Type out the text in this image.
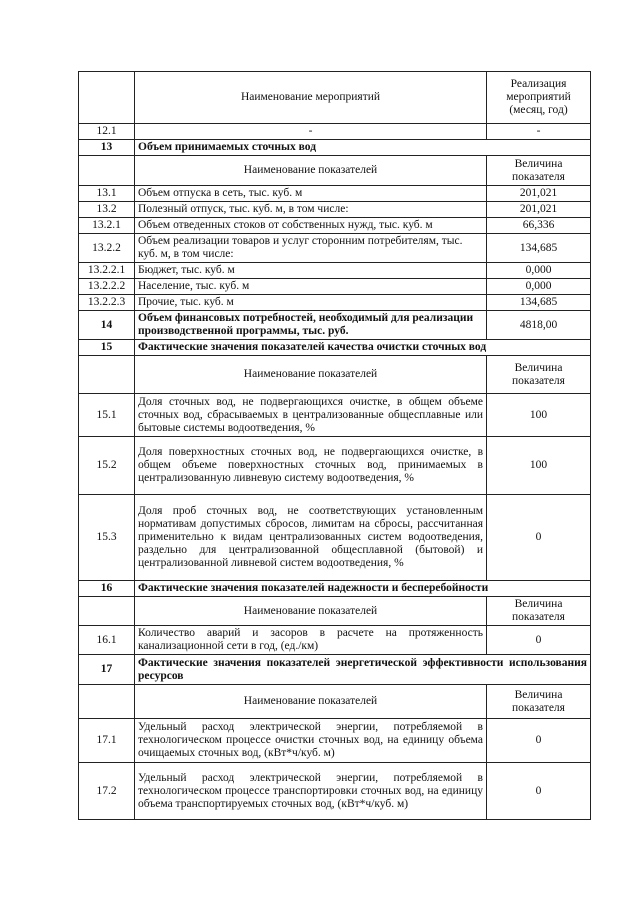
	Наименование мероприятий	Реализация мероприятий (месяц, год)
12.1	-	-
13	Объем принимаемых сточных вод	
	Наименование показателей	Величина показателя
13.1	Объем отпуска в сеть, тыс. куб. м	201,021
13.2	Полезный отпуск, тыс. куб. м, в том числе:	201,021
13.2.1	Объем отведенных стоков от собственных нужд, тыс. куб. м	66,336
13.2.2	Объем реализации товаров и услуг сторонним потребителям, тыс. куб. м, в том числе:	134,685
13.2.2.1	Бюджет, тыс. куб. м	0,000
13.2.2.2	Население, тыс. куб. м	0,000
13.2.2.3	Прочие, тыс. куб. м	134,685
14	Объем финансовых потребностей, необходимый для реализации производственной программы, тыс. руб.	4818,00
15	Фактические значения показателей качества очистки сточных вод	
	Наименование показателей	Величина показателя
15.1	Доля сточных вод, не подвергающихся очистке, в общем объеме сточных вод, сбрасываемых в централизованные общесплавные или бытовые системы водоотведения, %	100
15.2	Доля поверхностных сточных вод, не подвергающихся очистке, в общем объеме поверхностных сточных вод, принимаемых в централизованную ливневую систему водоотведения, %	100
15.3	Доля проб сточных вод, не соответствующих установленным нормативам допустимых сбросов, лимитам на сбросы, рассчитанная применительно к видам централизованных систем водоотведения, раздельно для централизованной общесплавной (бытовой) и централизованной ливневой систем водоотведения, %	0
16	Фактические значения показателей надежности и бесперебойности	
	Наименование показателей	Величина показателя
16.1	Количество аварий и засоров в расчете на протяженность канализационной сети в год, (ед./км)	0
17	Фактические значения показателей энергетической эффективности использования ресурсов	
	Наименование показателей	Величина показателя
17.1	Удельный расход электрической энергии, потребляемой в технологическом процессе очистки сточных вод, на единицу объема очищаемых сточных вод, (кВт*ч/куб. м)	0
17.2	Удельный расход электрической энергии, потребляемой в технологическом процессе транспортировки сточных вод, на единицу объема транспортируемых сточных вод, (кВт*ч/куб. м)	0
